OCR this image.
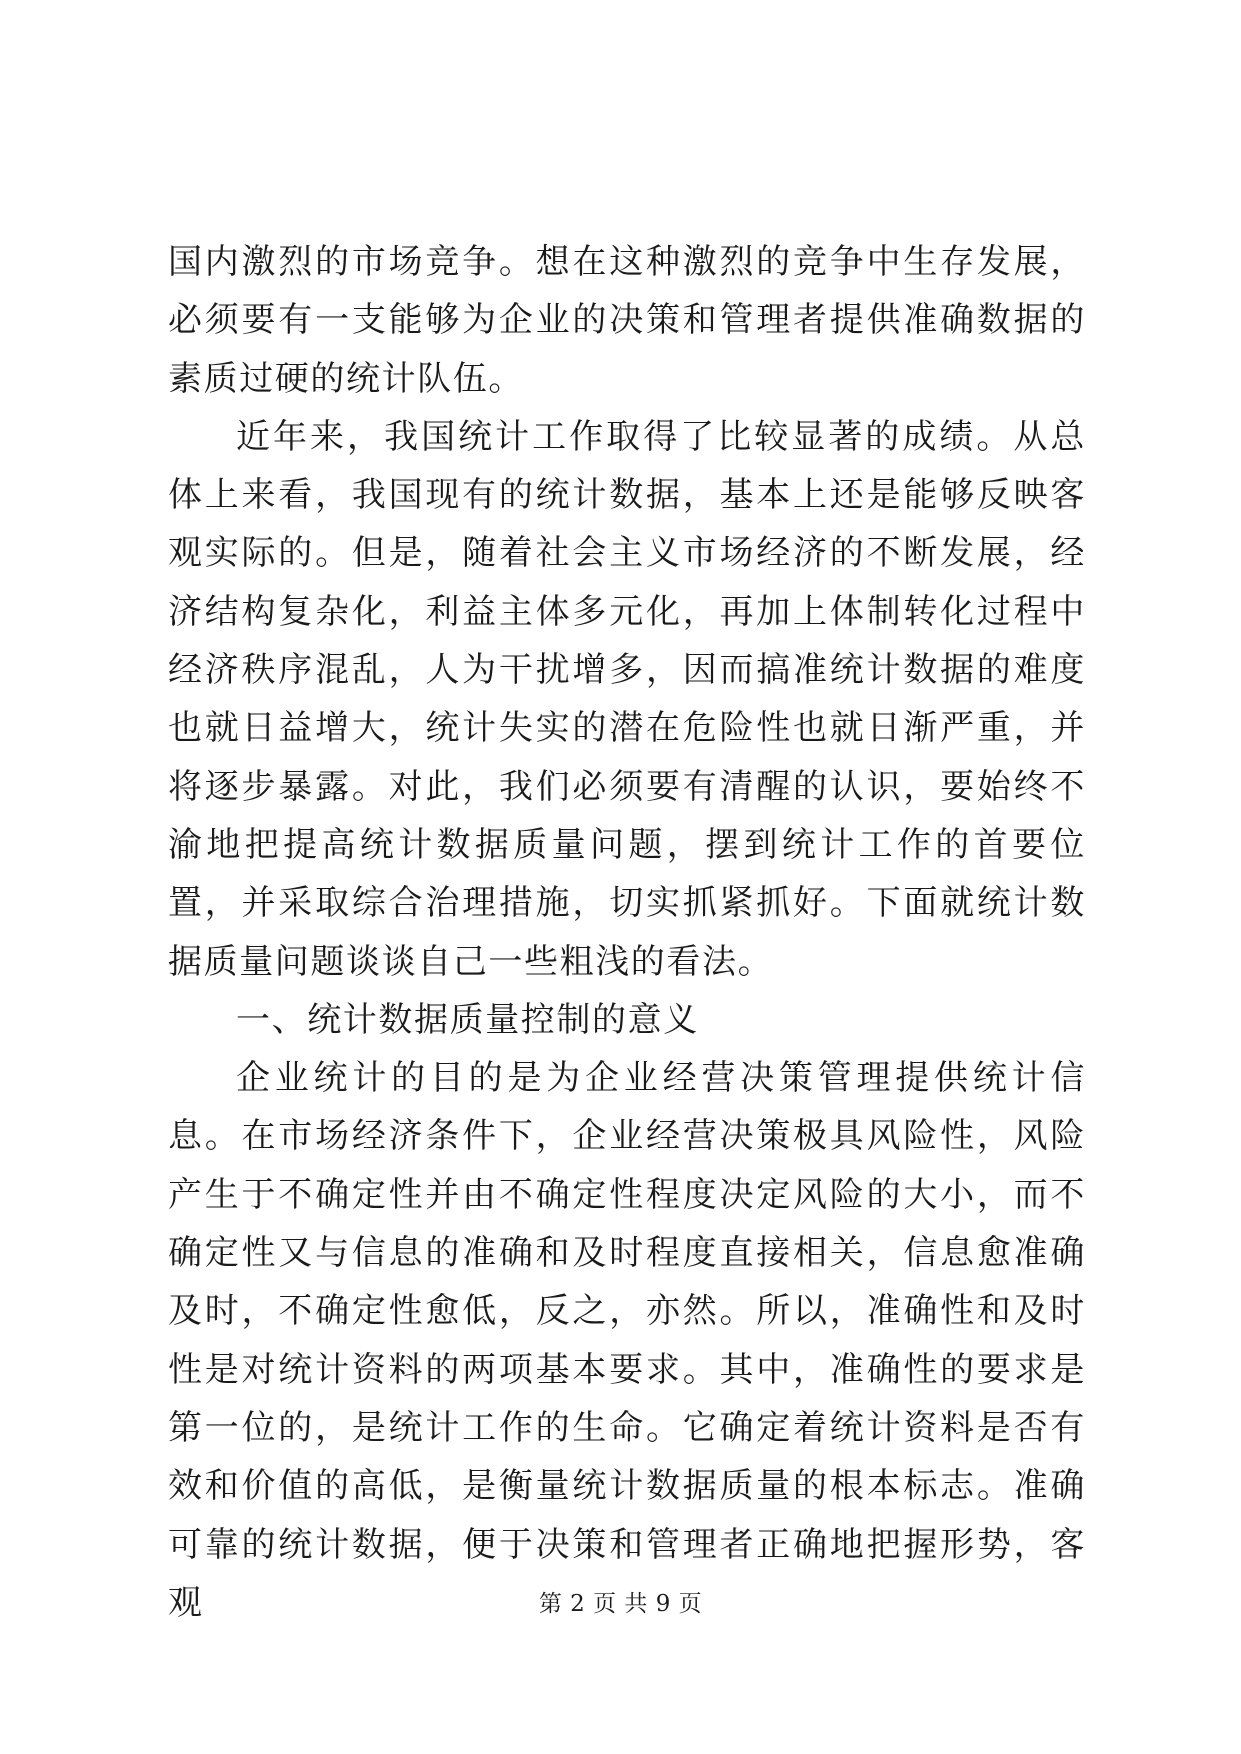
国内激烈的市场竞争。想在这种激烈的竞争中生存发展，必须要有一支能够为企业的决策和管理者提供准确数据的素质过硬的统计队伍。

近年来，我国统计工作取得了比较显著的成绩。从总体上来看，我国现有的统计数据，基本上还是能够反映客观实际的。但是，随着社会主义市场经济的不断发展，经济结构复杂化，利益主体多元化，再加上体制转化过程中经济秩序混乱，人为干扰增多，因而搞准统计数据的难度也就日益增大，统计失实的潜在危险性也就日渐严重，并将逐步暴露。对此，我们必须要有清醒的认识，要始终不渝地把提高统计数据质量问题，摆到统计工作的首要位置，并采取综合治理措施，切实抓紧抓好。下面就统计数据质量问题谈谈自己一些粗浅的看法。

一、统计数据质量控制的意义

企业统计的目的是为企业经营决策管理提供统计信息。在市场经济条件下，企业经营决策极具风险性，风险产生于不确定性并由不确定性程度决定风险的大小，而不确定性又与信息的准确和及时程度直接相关，信息愈准确及时，不确定性愈低，反之，亦然。所以，准确性和及时性是对统计资料的两项基本要求。其中，准确性的要求是第一位的，是统计工作的生命。它确定着统计资料是否有效和价值的高低，是衡量统计数据质量的根本标志。准确可靠的统计数据，便于决策和管理者正确地把握形势，客观	第 2 页 共 9 页
